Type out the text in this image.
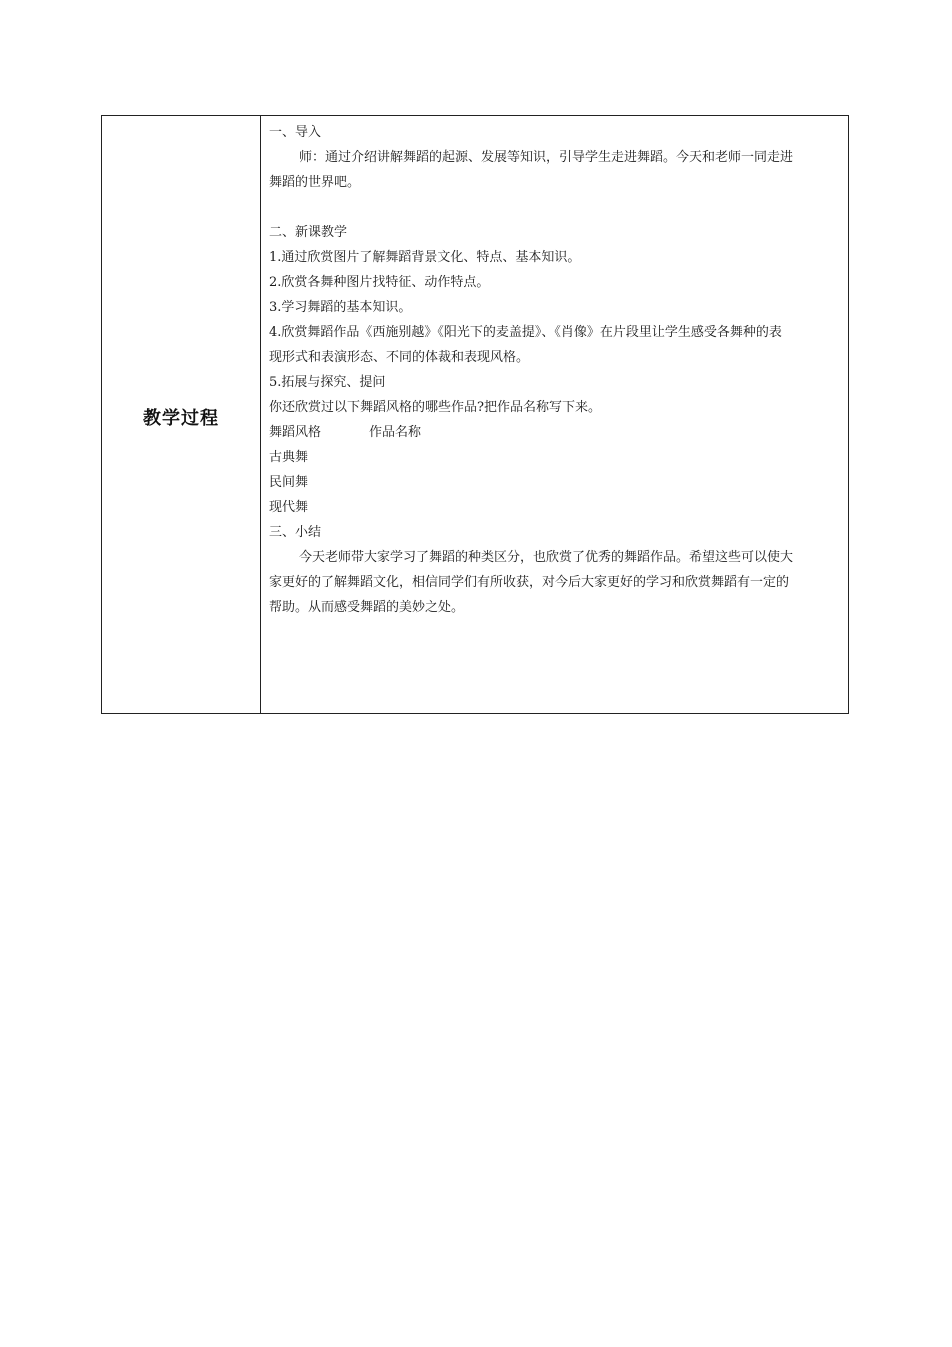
教学过程
一、导入
师：通过介绍讲解舞蹈的起源、发展等知识，引导学生走进舞蹈。今天和老师一同走进
舞蹈的世界吧。
二、新课教学
1.通过欣赏图片了解舞蹈背景文化、特点、基本知识。
2.欣赏各舞种图片找特征、动作特点。
3.学习舞蹈的基本知识。
4.欣赏舞蹈作品《西施别越》《阳光下的麦盖提》、《肖像》在片段里让学生感受各舞种的表
现形式和表演形态、不同的体裁和表现风格。
5.拓展与探究、提问
你还欣赏过以下舞蹈风格的哪些作品?把作品名称写下来。
舞蹈风格	作品名称
古典舞
民间舞
现代舞
三、小结
今天老师带大家学习了舞蹈的种类区分，也欣赏了优秀的舞蹈作品。希望这些可以使大
家更好的了解舞蹈文化，相信同学们有所收获，对今后大家更好的学习和欣赏舞蹈有一定的
帮助。从而感受舞蹈的美妙之处。
